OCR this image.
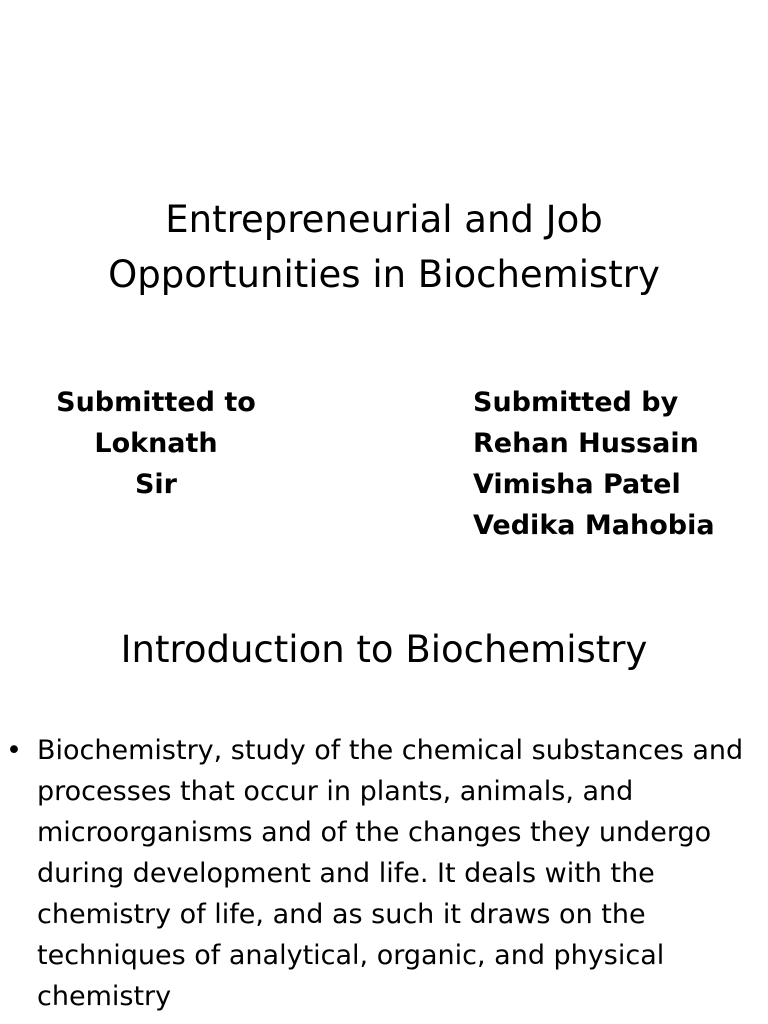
Entrepreneurial and Job
Opportunities in Biochemistry
Submitted to Loknath
Sir
Submitted by
Rehan Hussain
Vimisha Patel
Vedika Mahobia
Introduction to Biochemistry
• Biochemistry, study of the chemical substances and
processes that occur in plants, animals, and
microorganisms and of the changes they undergo
during development and life. It deals with the
chemistry of life, and as such it draws on the
techniques of analytical, organic, and physical
chemistry
